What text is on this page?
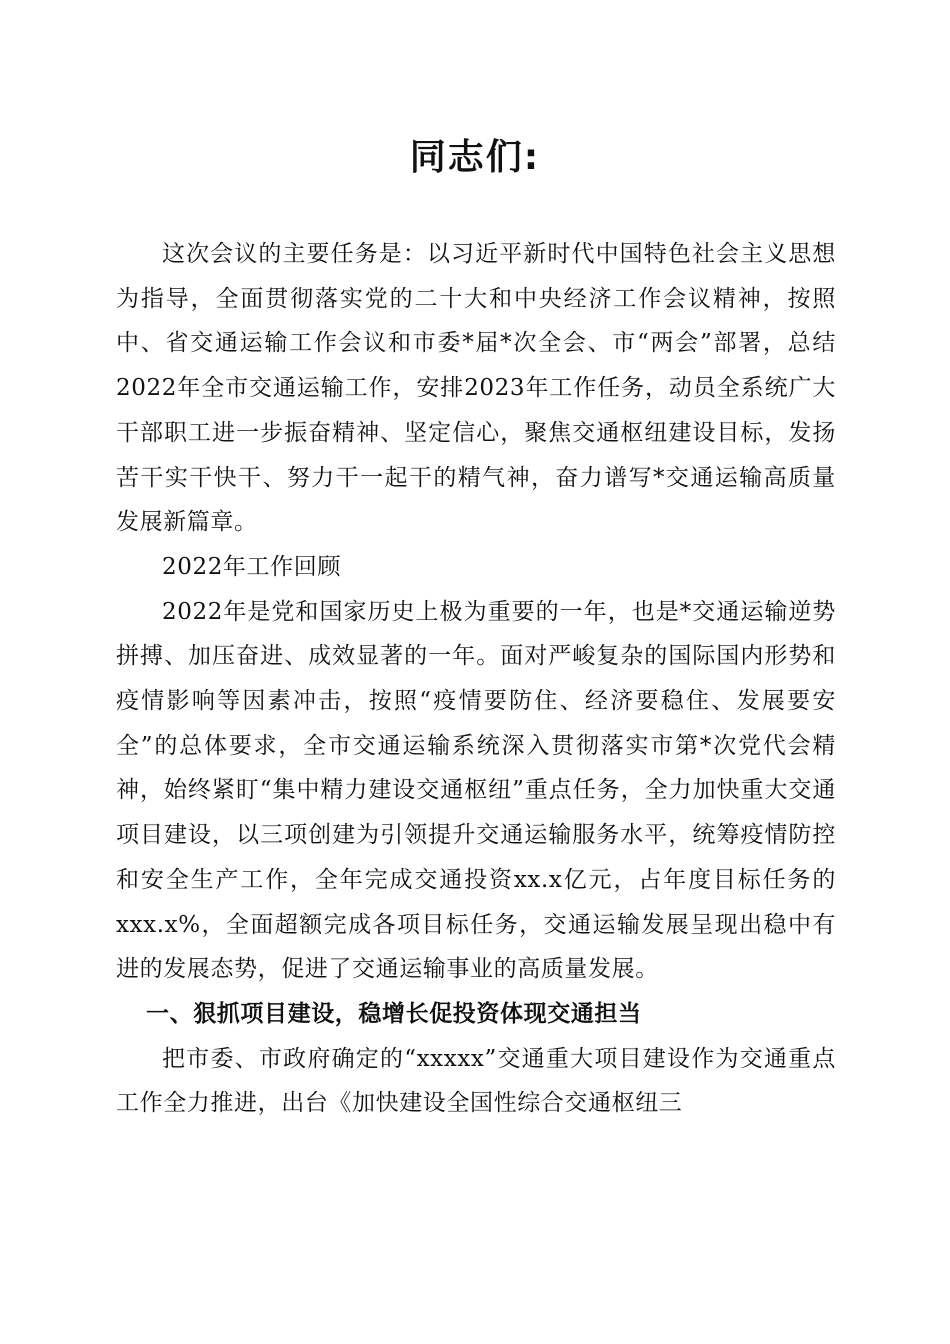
同志们:

这次会议的主要任务是：以习近平新时代中国特色社会主义思想为指导，全面贯彻落实党的二十大和中央经济工作会议精神，按照中、省交通运输工作会议和市委*届*次全会、市“两会”部署，总结2022年全市交通运输工作，安排2023年工作任务，动员全系统广大干部职工进一步振奋精神、坚定信心，聚焦交通枢纽建设目标，发扬苦干实干快干、努力干一起干的精气神，奋力谱写*交通运输高质量发展新篇章。

2022年工作回顾

2022年是党和国家历史上极为重要的一年，也是*交通运输逆势拼搏、加压奋进、成效显著的一年。面对严峻复杂的国际国内形势和疫情影响等因素冲击，按照“疫情要防住、经济要稳住、发展要安全”的总体要求，全市交通运输系统深入贯彻落实市第*次党代会精神，始终紧盯“集中精力建设交通枢纽”重点任务，全力加快重大交通项目建设，以三项创建为引领提升交通运输服务水平，统筹疫情防控和安全生产工作，全年完成交通投资xx.x亿元，占年度目标任务的xxx.x%，全面超额完成各项目标任务，交通运输发展呈现出稳中有进的发展态势，促进了交通运输事业的高质量发展。

一、狠抓项目建设，稳增长促投资体现交通担当

把市委、市政府确定的“xxxxx”交通重大项目建设作为交通重点工作全力推进，出台《加快建设全国性综合交通枢纽三
